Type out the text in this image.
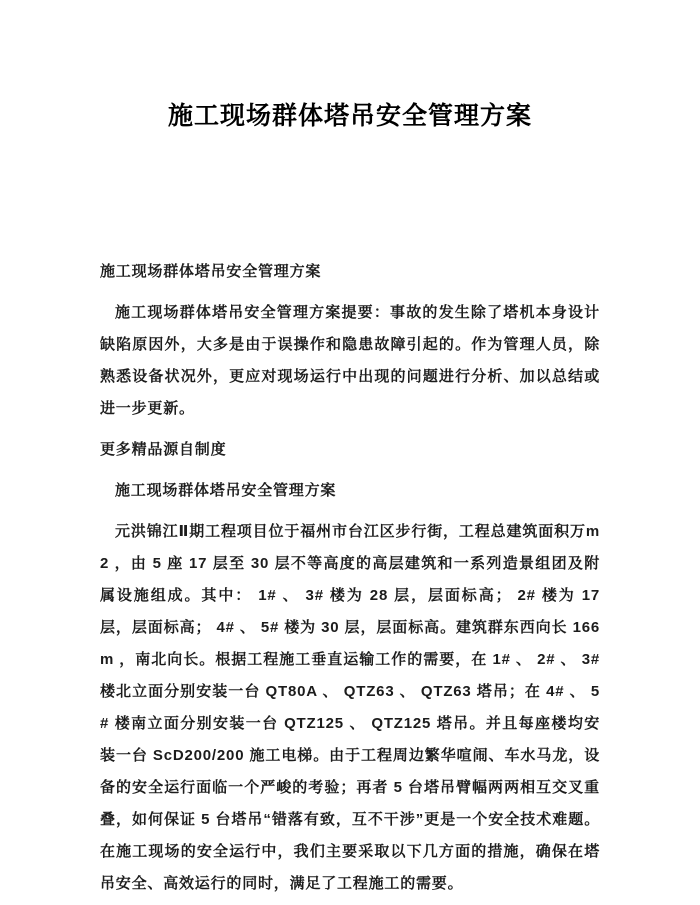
施工现场群体塔吊安全管理方案

施工现场群体塔吊安全管理方案

施工现场群体塔吊安全管理方案提要：事故的发生除了塔机本身设计缺陷原因外，大多是由于误操作和隐患故障引起的。作为管理人员，除熟悉设备状况外，更应对现场运行中出现的问题进行分析、加以总结或进一步更新。

更多精品源自制度

施工现场群体塔吊安全管理方案

元洪锦江Ⅱ期工程项目位于福州市台江区步行街，工程总建筑面积万m2 ，由 5 座 17 层至 30 层不等高度的高层建筑和一系列造景组团及附属设施组成。其中： 1# 、 3# 楼为 28 层，层面标高； 2# 楼为 17 层，层面标高； 4# 、 5# 楼为 30 层，层面标高。建筑群东西向长 166m ，南北向长。根据工程施工垂直运输工作的需要，在 1# 、 2# 、 3# 楼北立面分别安装一台 QT80A 、 QTZ63 、 QTZ63 塔吊；在 4# 、 5# 楼南立面分别安装一台 QTZ125 、 QTZ125 塔吊。并且每座楼均安装一台 ScD200/200 施工电梯。由于工程周边繁华喧闹、车水马龙，设备的安全运行面临一个严峻的考验；再者 5 台塔吊臂幅两两相互交叉重叠，如何保证 5 台塔吊“错落有致，互不干涉”更是一个安全技术难题。在施工现场的安全运行中，我们主要采取以下几方面的措施，确保在塔吊安全、高效运行的同时，满足了工程施工的需要。
